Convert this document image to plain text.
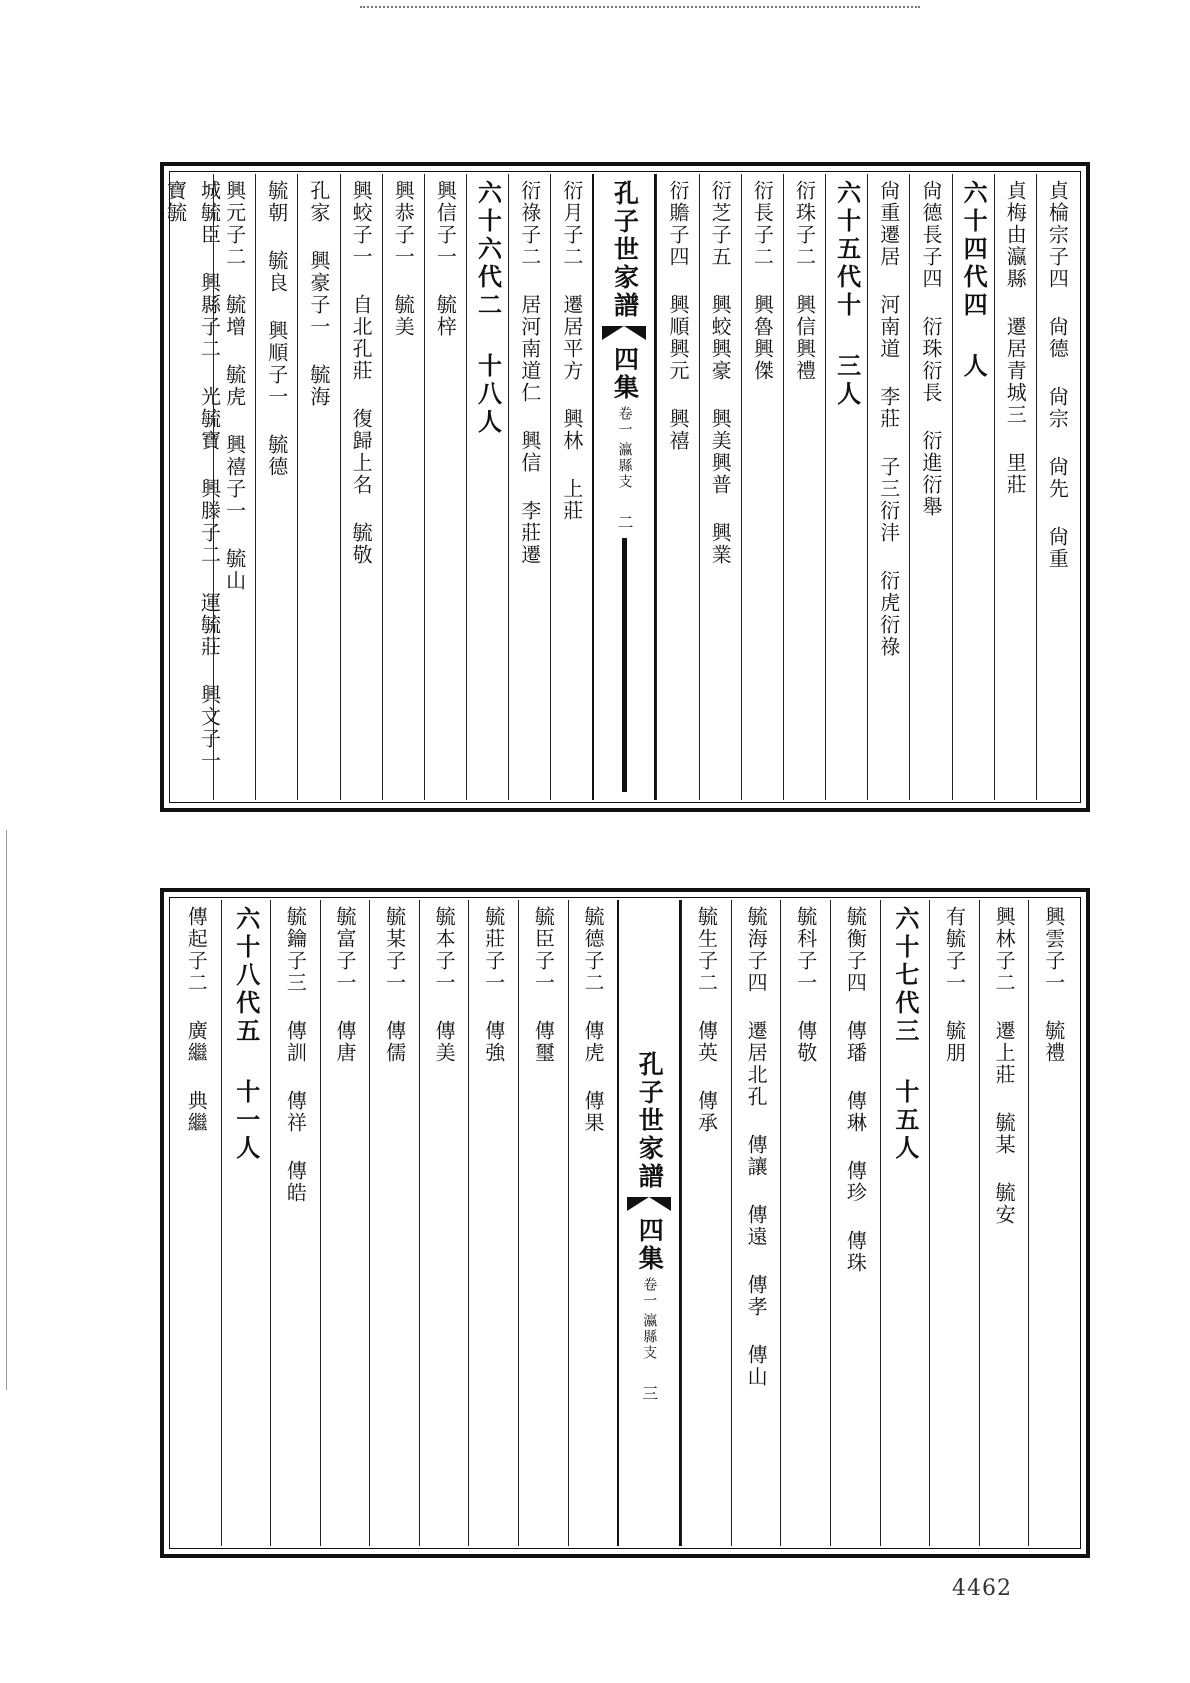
貞棆宗子四 尙德 尙宗 尙先 尙重
貞梅由瀛縣 遷居青城三 里莊
六十四代四 人
尙德長子四 衍珠衍長 衍進衍舉
尙重遷居 河南道 李莊 子三衍沣 衍虎衍祿
六十五代十 三人
衍珠子二 興信興禮
衍長子二 興魯興傑
衍芝子五 興蛟興豪 興美興普 興業
衍贍子四 興順興元 興禧
孔子世家譜
四集
卷一
瀛縣支
二
衍月子二 遷居平方 興林 上莊
衍祿子二 居河南道仁 興信 李莊遷
六十六代二 十八人
興信子一 毓梓
興恭子一 毓美
興蛟子一 自北孔莊 復歸上名 毓敬
孔家 興豪子一 毓海
毓朝 毓良 興順子一 毓德
興元子二 毓增 毓虎 興禧子一 毓山
城毓臣 興縣子二 光毓寶 興滕子二 運毓莊 興文子一 寶毓
興雲子一 毓禮
興林子二 遷上莊 毓某 毓安
有毓子一 毓朋
六十七代三 十五人
毓衡子四 傳璠 傳琳 傳珍 傳珠
毓科子一 傳敬
毓海子四 遷居北孔 傳讓 傳遠 傳孝 傳山
毓生子二 傳英 傳承
孔子世家譜
四集
卷一
瀛縣支
三
毓德子二 傳虎 傳果
毓臣子一 傳璽
毓莊子一 傳強
毓本子一 傳美
毓某子一 傳儒
毓富子一 傳唐
毓鑰子三 傳訓 傳祥 傳皓
六十八代五 十一人
傳起子二 廣繼 典繼
4462
